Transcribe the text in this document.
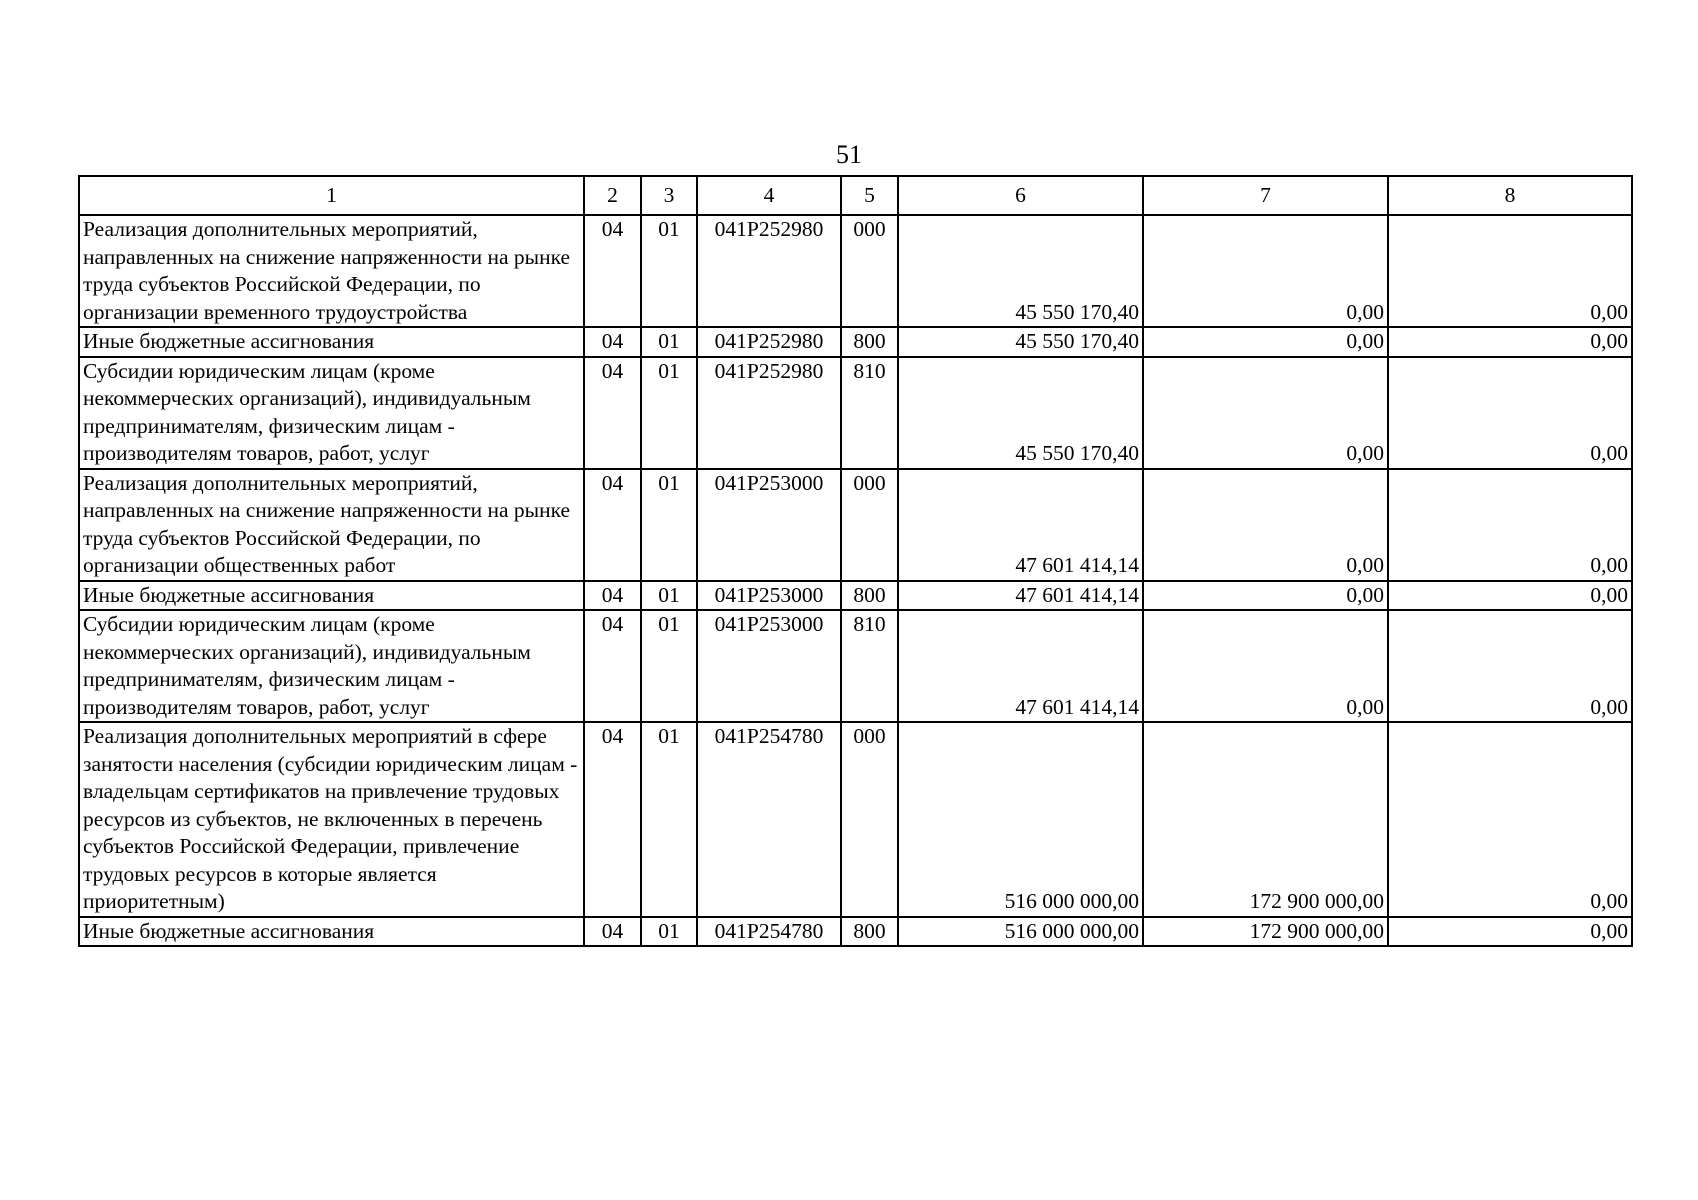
51
1	2	3	4	5	6	7	8
Реализация дополнительных мероприятий, направленных на снижение напряженности на рынке труда субъектов Российской Федерации, по организации временного трудоустройства	04	01	041P252980	000	45 550 170,40	0,00	0,00
Иные бюджетные ассигнования	04	01	041P252980	800	45 550 170,40	0,00	0,00
Субсидии юридическим лицам (кроме некоммерческих организаций), индивидуальным предпринимателям, физическим лицам - производителям товаров, работ, услуг	04	01	041P252980	810	45 550 170,40	0,00	0,00
Реализация дополнительных мероприятий, направленных на снижение напряженности на рынке труда субъектов Российской Федерации, по организации общественных работ	04	01	041P253000	000	47 601 414,14	0,00	0,00
Иные бюджетные ассигнования	04	01	041P253000	800	47 601 414,14	0,00	0,00
Субсидии юридическим лицам (кроме некоммерческих организаций), индивидуальным предпринимателям, физическим лицам - производителям товаров, работ, услуг	04	01	041P253000	810	47 601 414,14	0,00	0,00
Реализация дополнительных мероприятий в сфере занятости населения (субсидии юридическим лицам - владельцам сертификатов на привлечение трудовых ресурсов из субъектов, не включенных в перечень субъектов Российской Федерации, привлечение трудовых ресурсов в которые является приоритетным)	04	01	041P254780	000	516 000 000,00	172 900 000,00	0,00
Иные бюджетные ассигнования	04	01	041P254780	800	516 000 000,00	172 900 000,00	0,00
